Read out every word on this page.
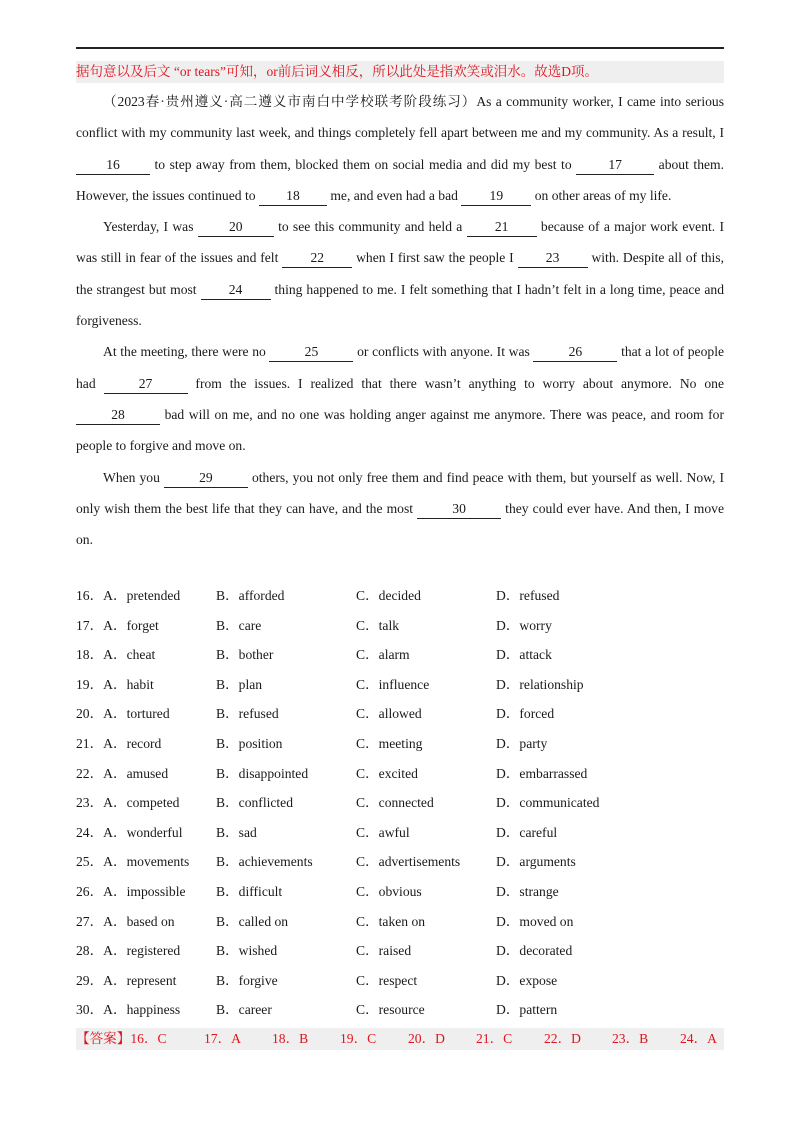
据句意以及后文 “or tears”可知，or前后词义相反，所以此处是指欢笑或泪水。故选D项。

（2023春·贵州遵义·高二遵义市南白中学校联考阶段练习）As a community worker, I came into serious conflict with my community last week, and things completely fell apart between me and my community. As a result, I 16 to step away from them, blocked them on social media and did my best to 17 about them. However, the issues continued to 18 me, and even had a bad 19 on other areas of my life.

Yesterday, I was 20 to see this community and held a 21 because of a major work event. I was still in fear of the issues and felt 22 when I first saw the people I 23 with. Despite all of this, the strangest but most 24 thing happened to me. I felt something that I hadn’t felt in a long time, peace and forgiveness.

At the meeting, there were no	25	or conflicts with anyone. It was	26	that a lot of people had	27	from the issues. I realized that there wasn’t anything to worry about anymore. No one 28	bad will on me, and no one was holding anger against me anymore. There was peace, and room for people to forgive and move on.

When you	29	others, you not only free them and find peace with them, but yourself as well. Now, I only wish them the best life that they can have, and the most	30	they could ever have. And then, I move on.

16．A．pretended	B．afforded	C．decided	D．refused
17．A．forget	B．care	C．talk	D．worry
18．A．cheat	B．bother	C．alarm	D．attack
19．A．habit	B．plan	C．influence	D．relationship
20．A．tortured	B．refused	C．allowed	D．forced
21．A．record	B．position	C．meeting	D．party
22．A．amused	B．disappointed	C．excited	D．embarrassed
23．A．competed	B．conflicted	C．connected	D．communicated
24．A．wonderful B．sad	C．awful	D．careful
25．A．movements B．achievements	C．advertisements	D．arguments
26．A．impossible B．difficult	C．obvious	D．strange
27．A．based on	B．called on	C．taken on	D．moved on
28．A．registered	B．wished	C．raised	D．decorated
29．A．represent	B．forgive	C．respect	D．expose
30．A．happiness	B．career	C．resource	D．pattern
【答案】16．C	17．A 18．B 19．C 20．D 21．C 22．D 23．B 24．A
